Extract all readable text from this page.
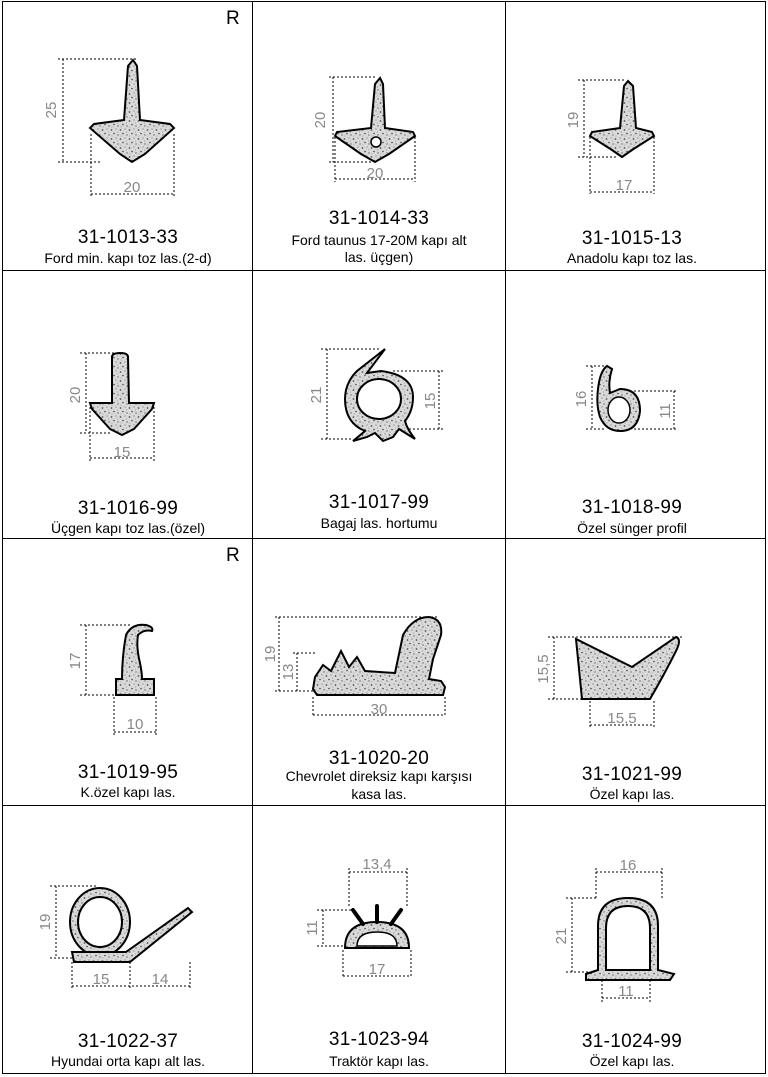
R
25
20
31-1013-33
Ford min. kapı toz las.(2-d)
20
20
31-1014-33
Ford taunus 17-20M kapı alt
las. üçgen)
19
17
31-1015-13
Anadolu kapı toz las.
20
15
31-1016-99
Üçgen kapı toz las.(özel)
21	15
31-1017-99
Bagaj las. hortumu
16
11
31-1018-99
Özel sünger profil
R
17
10
31-1019-95
K.özel kapı las.
19
13
30
31-1020-20
Chevrolet direksiz kapı karşısı
kasa las.
15,5
15,5
31-1021-99
Özel kapı las.
19
15	14
31-1022-37
Hyundai orta kapı alt las.
13,4
11
17
31-1023-94
Traktör kapı las.
16
21
11
31-1024-99
Özel kapı las.
